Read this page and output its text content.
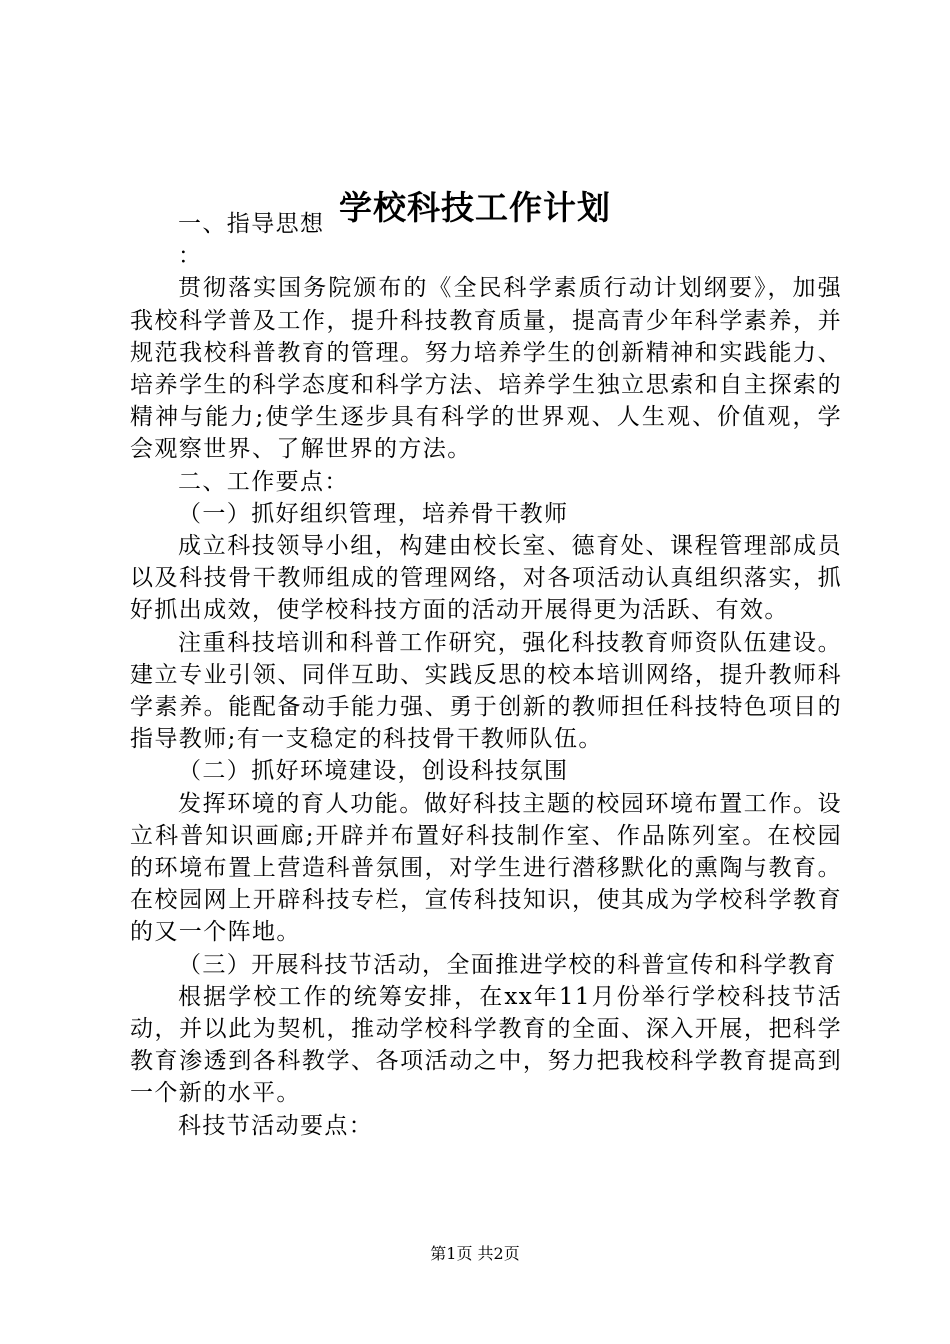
学校科技工作计划

一、指导思想

：

贯彻落实国务院颁布的《全民科学素质行动计划纲要》，加强我校科学普及工作，提升科技教育质量，提高青少年科学素养，并规范我校科普教育的管理。努力培养学生的创新精神和实践能力、培养学生的科学态度和科学方法、培养学生独立思索和自主探索的精神与能力;使学生逐步具有科学的世界观、人生观、价值观，学会观察世界、了解世界的方法。

二、工作要点：

（一）抓好组织管理，培养骨干教师

成立科技领导小组，构建由校长室、德育处、课程管理部成员以及科技骨干教师组成的管理网络，对各项活动认真组织落实，抓好抓出成效，使学校科技方面的活动开展得更为活跃、有效。

注重科技培训和科普工作研究，强化科技教育师资队伍建设。建立专业引领、同伴互助、实践反思的校本培训网络，提升教师科学素养。能配备动手能力强、勇于创新的教师担任科技特色项目的指导教师;有一支稳定的科技骨干教师队伍。

（二）抓好环境建设，创设科技氛围

发挥环境的育人功能。做好科技主题的校园环境布置工作。设立科普知识画廊;开辟并布置好科技制作室、作品陈列室。在校园的环境布置上营造科普氛围，对学生进行潜移默化的熏陶与教育。在校园网上开辟科技专栏，宣传科技知识，使其成为学校科学教育的又一个阵地。

（三）开展科技节活动，全面推进学校的科普宣传和科学教育

根据学校工作的统筹安排，在xx年11月份举行学校科技节活动，并以此为契机，推动学校科学教育的全面、深入开展，把科学教育渗透到各科教学、各项活动之中，努力把我校科学教育提高到一个新的水平。

科技节活动要点：

第1页 共2页
